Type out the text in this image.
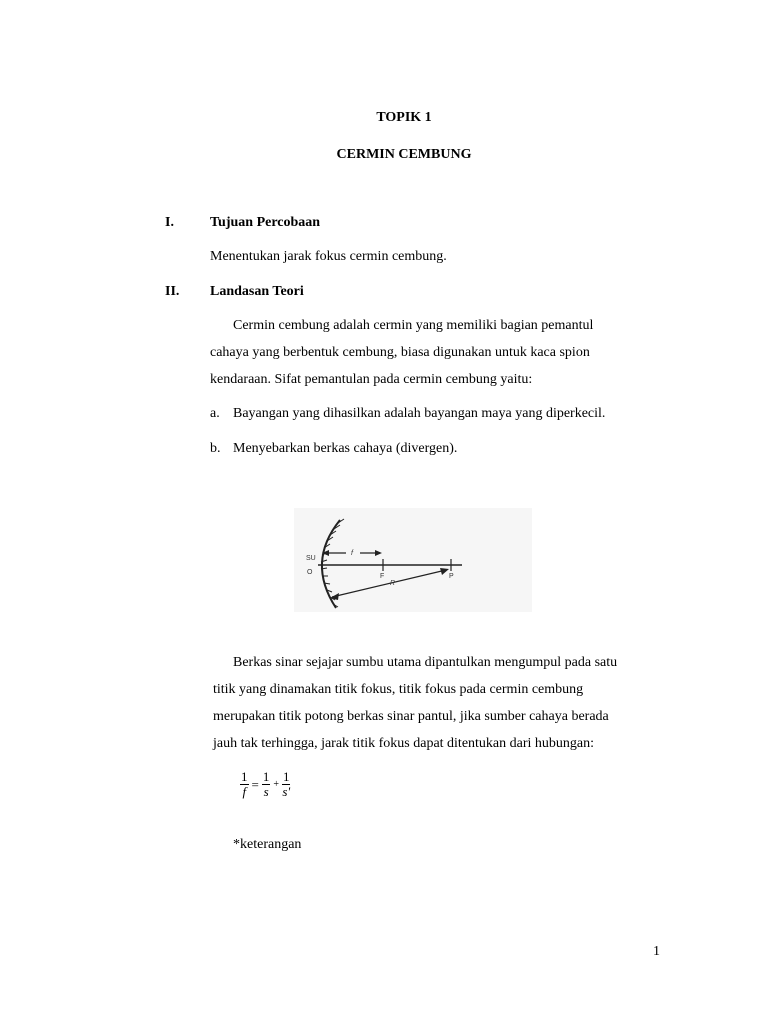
TOPIK 1
CERMIN CEMBUNG
I.	Tujuan Percobaan
Menentukan jarak fokus cermin cembung.
II. Landasan Teori
Cermin cembung adalah cermin yang memiliki bagian pemantul
cahaya yang berbentuk cembung, biasa digunakan untuk kaca spion
kendaraan. Sifat pemantulan pada cermin cembung yaitu:
a. Bayangan yang dihasilkan adalah bayangan maya yang diperkecil.
b. Menyebarkan berkas cahaya (divergen).
SU
O
f
F
R
P
Berkas sinar sejajar sumbu utama dipantulkan mengumpul pada satu
titik yang dinamakan titik fokus, titik fokus pada cermin cembung
merupakan titik potong berkas sinar pantul, jika sumber cahaya berada
jauh tak terhingga, jarak titik fokus dapat ditentukan dari hubungan:
$\frac{1}{f} = \frac{1}{s} + \frac{1}{s'}$
*keterangan
1
